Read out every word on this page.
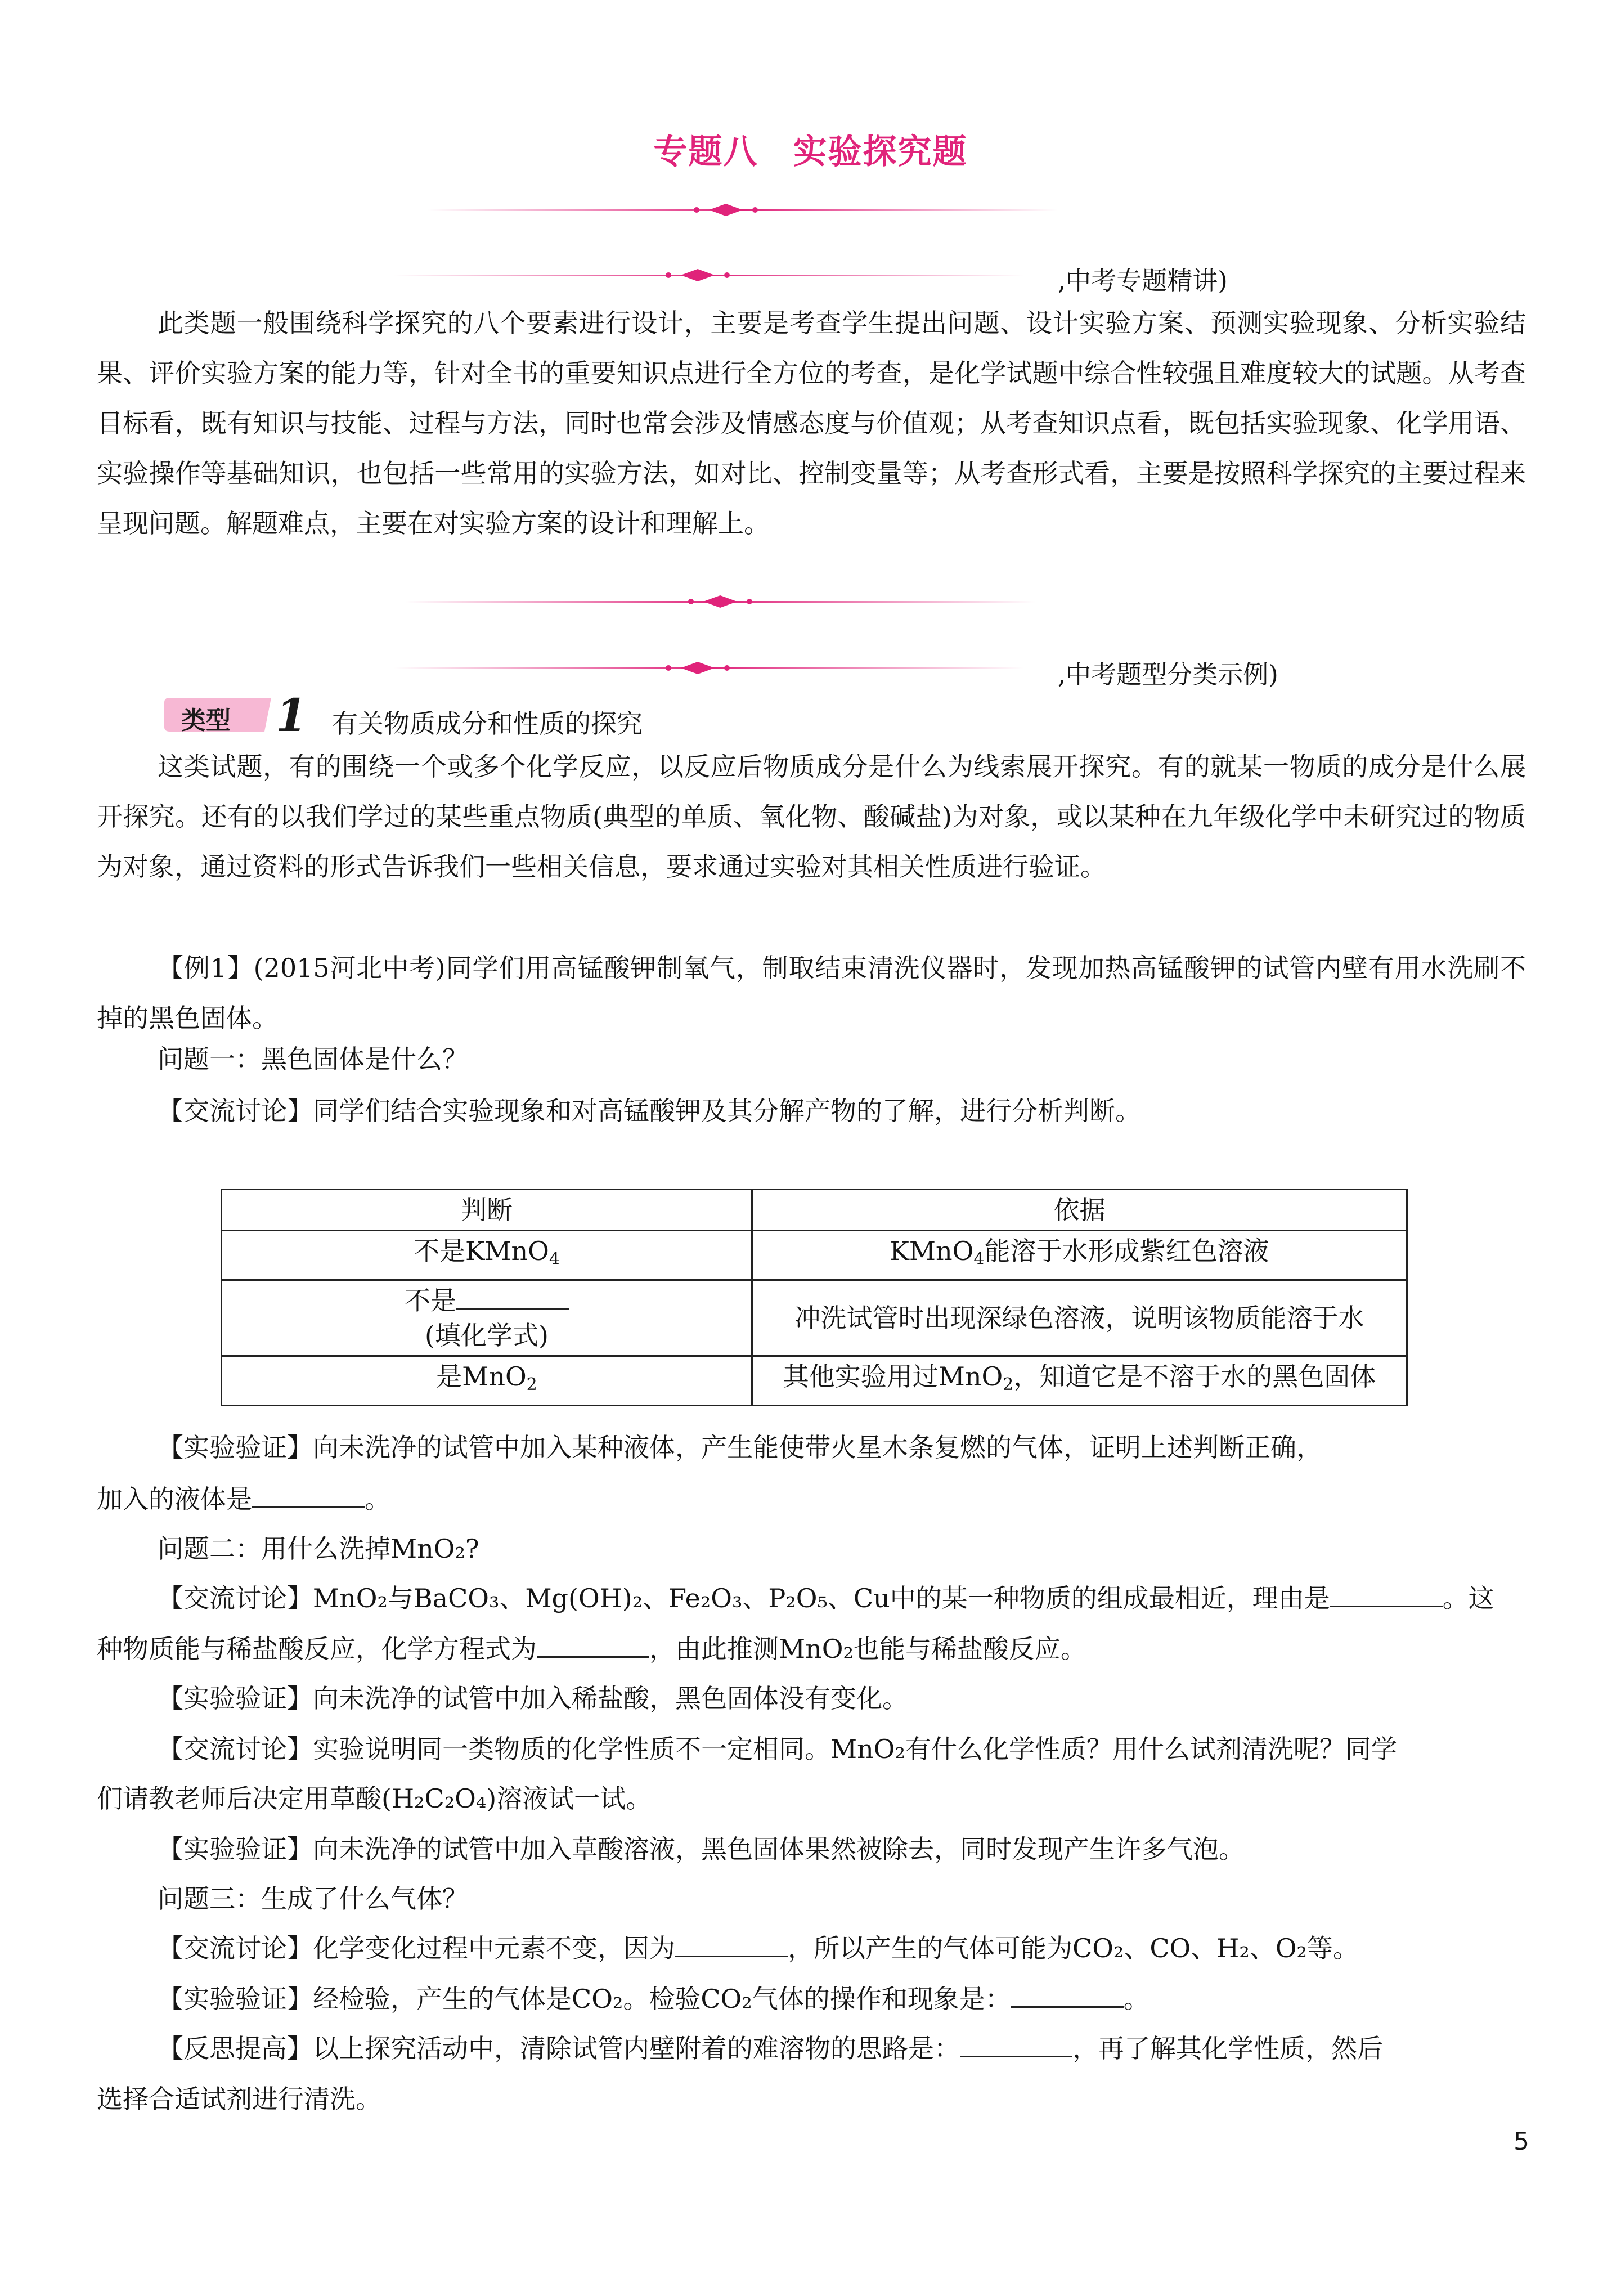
专题八　实验探究题
,中考专题精讲)

此类题一般围绕科学探究的八个要素进行设计，主要是考查学生提出问题、设计实验方案、预测实验现象、分析实验结果、评价实验方案的能力等，针对全书的重要知识点进行全方位的考查，是化学试题中综合性较强且难度较大的试题。从考查目标看，既有知识与技能、过程与方法，同时也常会涉及情感态度与价值观；从考查知识点看，既包括实验现象、化学用语、实验操作等基础知识，也包括一些常用的实验方法，如对比、控制变量等；从考查形式看，主要是按照科学探究的主要过程来呈现问题。解题难点，主要在对实验方案的设计和理解上。

,中考题型分类示例)
类型 1 有关物质成分和性质的探究

这类试题，有的围绕一个或多个化学反应，以反应后物质成分是什么为线索展开探究。有的就某一物质的成分是什么展开探究。还有的以我们学过的某些重点物质(典型的单质、氧化物、酸碱盐)为对象，或以某种在九年级化学中未研究过的物质为对象，通过资料的形式告诉我们一些相关信息，要求通过实验对其相关性质进行验证。

【例1】(2015河北中考)同学们用高锰酸钾制氧气，制取结束清洗仪器时，发现加热高锰酸钾的试管内壁有用水洗刷不掉的黑色固体。

问题一：黑色固体是什么？
【交流讨论】同学们结合实验现象和对高锰酸钾及其分解产物的了解，进行分析判断。
判断	依据
不是KMnO$_4$	KMnO$_4$能溶于水形成紫红色溶液
不是
(填化学式)	冲洗试管时出现深绿色溶液，说明该物质能溶于水
是MnO$_2$	其他实验用过MnO$_2$，知道它是不溶于水的黑色固体
【实验验证】向未洗净的试管中加入某种液体，产生能使带火星木条复燃的气体，证明上述判断正确，
加入的液体是	。
问题二：用什么洗掉MnO₂?
【交流讨论】MnO₂与BaCO₃、Mg(OH)₂、Fe₂O₃、P₂O₅、Cu中的某一种物质的组成最相近，理由是	。这
种物质能与稀盐酸反应，化学方程式为	，由此推测MnO₂也能与稀盐酸反应。
【实验验证】向未洗净的试管中加入稀盐酸，黑色固体没有变化。
【交流讨论】实验说明同一类物质的化学性质不一定相同。MnO₂有什么化学性质？用什么试剂清洗呢？同学
们请教老师后决定用草酸(H₂C₂O₄)溶液试一试。
【实验验证】向未洗净的试管中加入草酸溶液，黑色固体果然被除去，同时发现产生许多气泡。
问题三：生成了什么气体？
【交流讨论】化学变化过程中元素不变，因为	，所以产生的气体可能为CO₂、CO、H₂、O₂等。
【实验验证】经检验，产生的气体是CO₂。检验CO₂气体的操作和现象是：	。
【反思提高】以上探究活动中，清除试管内壁附着的难溶物的思路是：	，再了解其化学性质，然后
选择合适试剂进行清洗。
5
